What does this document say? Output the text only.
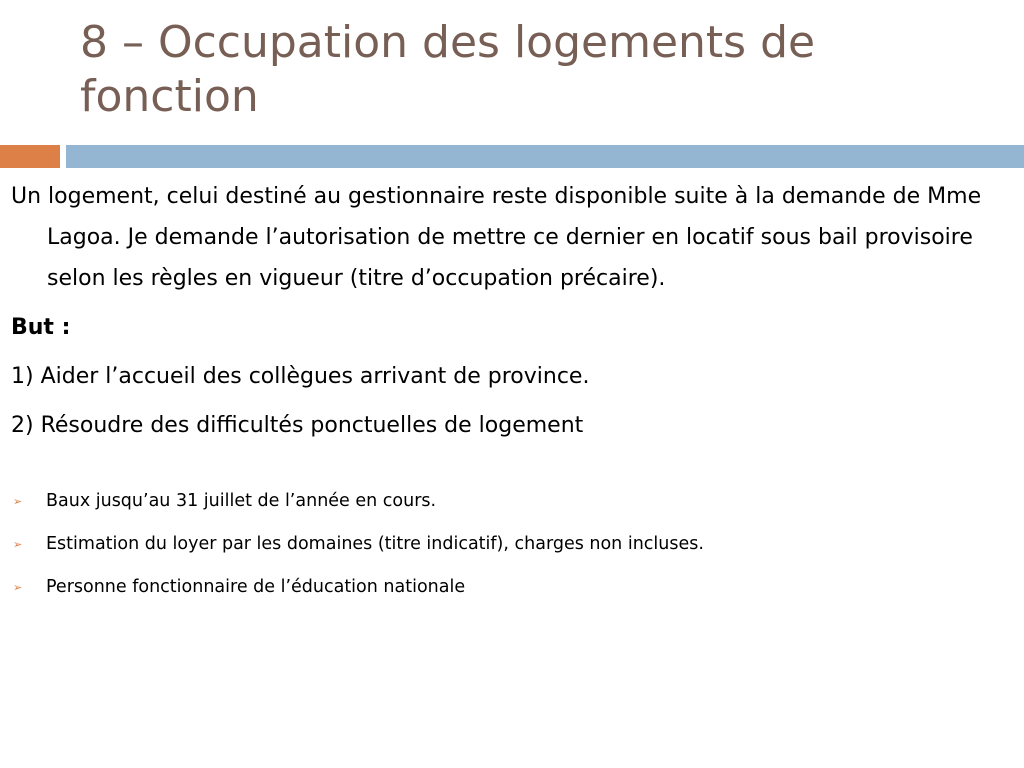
8 – Occupation des logements de fonction

Un logement, celui destiné au gestionnaire reste disponible suite à la demande de Mme Lagoa. Je demande l’autorisation de mettre ce dernier en locatif sous bail provisoire selon les règles en vigueur (titre d’occupation précaire).

But :

1) Aider l’accueil des collègues arrivant de province.

2) Résoudre des difficultés ponctuelles de logement

➢ Baux jusqu’au 31 juillet de l’année en cours.
➢ Estimation du loyer par les domaines (titre indicatif), charges non incluses.
➢ Personne fonctionnaire de l’éducation nationale
